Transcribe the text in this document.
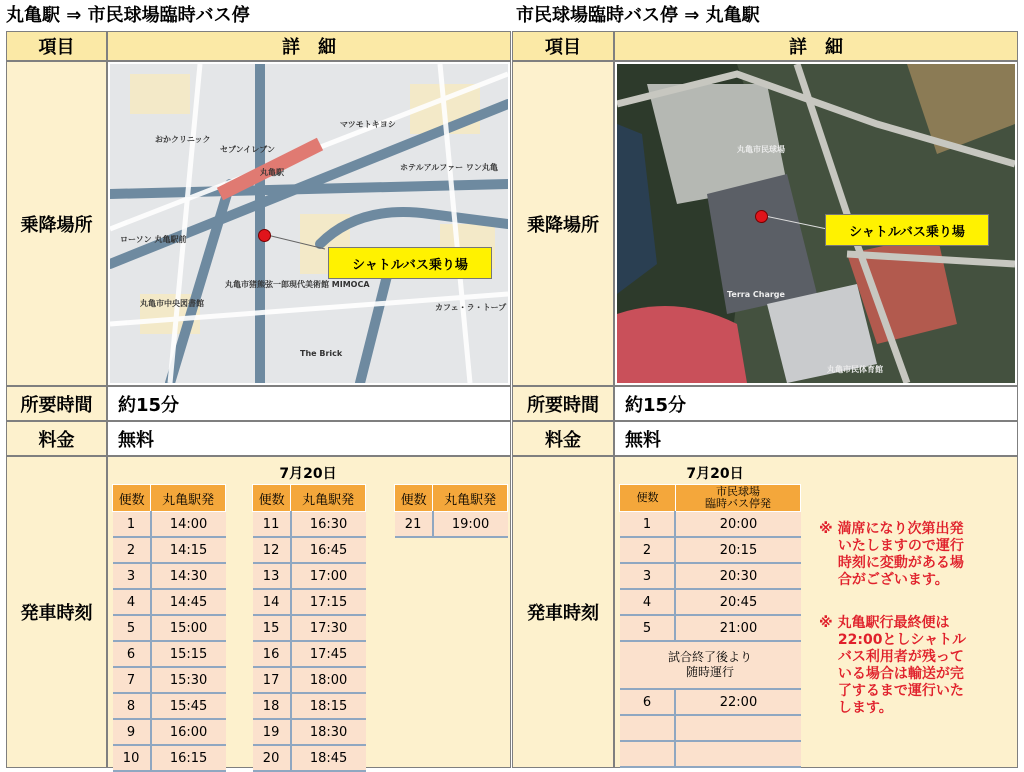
丸亀駅 ⇒ 市民球場臨時バス停
項目	詳　細
乗降場所
シャトルバス乗り場
丸亀駅
丸亀市中央図書館
ローソン 丸亀駅前
丸亀市猪熊弦一郎現代美術館 MIMOCA
カフェ・ラ・トープ
The Brick
おかクリニック
セブンイレブン
ホテルアルファー ワン丸亀
マツモトキヨシ
所要時間	約15分
料金	無料
発車時刻
7月20日
便数	丸亀駅発
1	14:00
2	14:15
3	14:30
4	14:45
5	15:00
6	15:15
7	15:30
8	15:45
9	16:00
10	16:15
便数	丸亀駅発
11	16:30
12	16:45
13	17:00
14	17:15
15	17:30
16	17:45
17	18:00
18	18:15
19	18:30
20	18:45
便数	丸亀駅発
21	19:00
市民球場臨時バス停 ⇒ 丸亀駅
項目	詳　細
乗降場所	シャトルバス乗り場
丸亀市民球場
Terra Charge
丸亀市民体育館
所要時間	約15分
料金	無料
発車時刻
7月20日
便数	市民球場
臨時バス停発
1	20:00
2	20:15
3	20:30
4	20:45
5	21:00
試合終了後より
随時運行	
6	22:00

※ 満席になり次第出発
　 いたしますので運行
　 時刻に変動がある場
　 合がございます。
※ 丸亀駅行最終便は
　 22:00としシャトル
　 バス利用者が残って
　 いる場合は輸送が完
　 了するまで運行いた
　 します。
